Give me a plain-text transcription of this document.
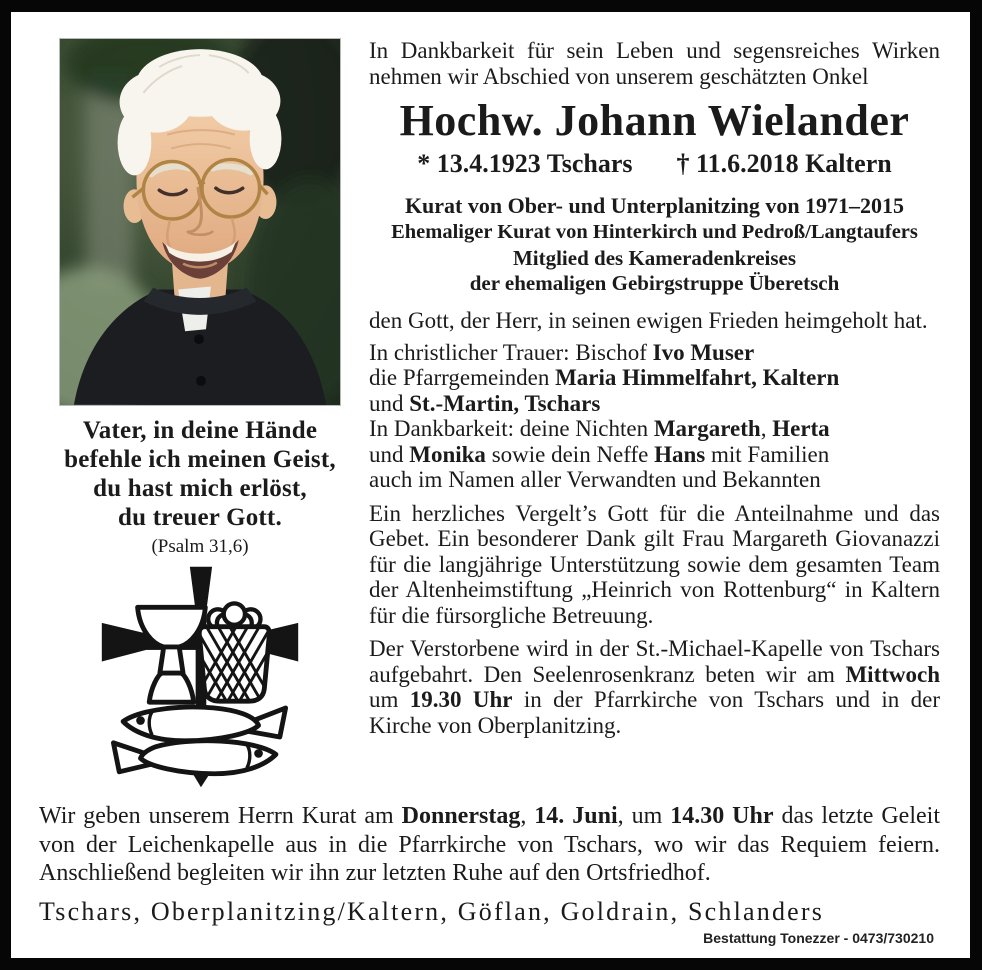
Vater, in deine Hände
befehle ich meinen Geist,
du hast mich erlöst,
du treuer Gott.
(Psalm 31,6)

In Dankbarkeit für sein Leben und segensreiches Wirken nehmen wir Abschied von unserem geschätzten Onkel

Hochw. Johann Wielander
* 13.4.1923 Tschars † 11.6.2018 Kaltern
Kurat von Ober- und Unterplanitzing von 1971–2015
Ehemaliger Kurat von Hinterkirch und Pedroß/Langtaufers
Mitglied des Kameradenkreises
der ehemaligen Gebirgstruppe Überetsch

den Gott, der Herr, in seinen ewigen Frieden heimgeholt hat.

In christlicher Trauer: Bischof Ivo Muser
die Pfarrgemeinden Maria Himmelfahrt, Kaltern
und St.-Martin, Tschars
In Dankbarkeit: deine Nichten Margareth, Herta
und Monika sowie dein Neffe Hans mit Familien
auch im Namen aller Verwandten und Bekannten

Ein herzliches Vergelt’s Gott für die Anteilnahme und das Gebet. Ein besonderer Dank gilt Frau Margareth Giovanazzi für die langjährige Unterstützung sowie dem gesamten Team der Altenheimstiftung „Heinrich von Rottenburg“ in Kaltern für die fürsorgliche Betreuung.

Der Verstorbene wird in der St.-Michael-Kapelle von Tschars aufgebahrt. Den Seelenrosenkranz beten wir am Mittwoch um 19.30 Uhr in der Pfarrkirche von Tschars und in der Kirche von Oberplanitzing.

Wir geben unserem Herrn Kurat am Donnerstag, 14. Juni, um 14.30 Uhr das letzte Geleit von der Leichenkapelle aus in die Pfarrkirche von Tschars, wo wir das Requiem feiern. Anschließend begleiten wir ihn zur letzten Ruhe auf den Ortsfriedhof.

Tschars, Oberplanitzing/Kaltern, Göflan, Goldrain, Schlanders
Bestattung Tonezzer - 0473/730210
